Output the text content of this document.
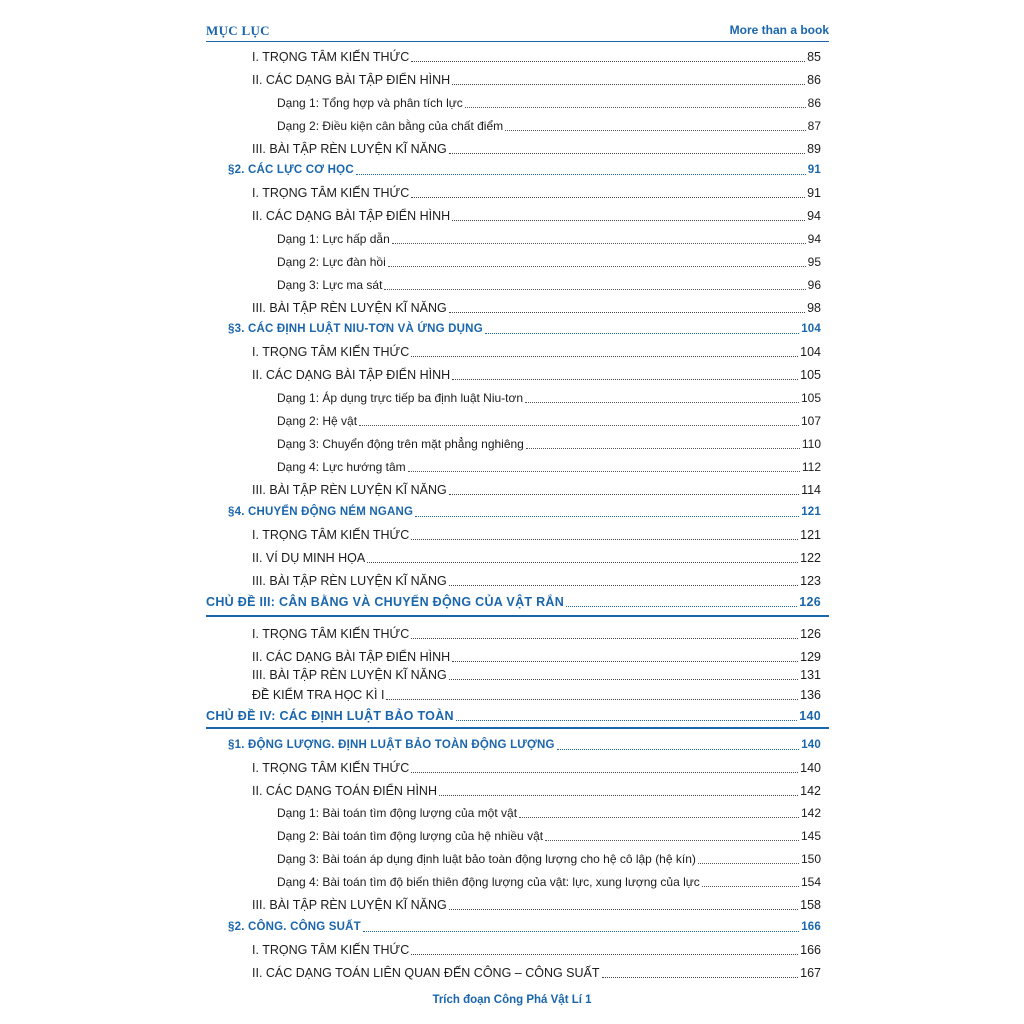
MỤC LỤC	More than a book
I. TRỌNG TÂM KIẾN THỨC	85
II. CÁC DẠNG BÀI TẬP ĐIỂN HÌNH	86
Dạng 1: Tổng hợp và phân tích lực	86
Dạng 2: Điều kiện cân bằng của chất điểm	87
III. BÀI TẬP RÈN LUYỆN KĨ NĂNG	89
§2. CÁC LỰC CƠ HỌC	91
I. TRỌNG TÂM KIẾN THỨC	91
II. CÁC DẠNG BÀI TẬP ĐIỂN HÌNH	94
Dạng 1: Lực hấp dẫn	94
Dạng 2: Lực đàn hồi	95
Dạng 3: Lực ma sát	96
III. BÀI TẬP RÈN LUYỆN KĨ NĂNG	98
§3. CÁC ĐỊNH LUẬT NIU-TƠN VÀ ỨNG DỤNG	104
I. TRỌNG TÂM KIẾN THỨC	104
II. CÁC DẠNG BÀI TẬP ĐIỂN HÌNH	105
Dạng 1: Áp dụng trực tiếp ba định luật Niu-tơn	105
Dạng 2: Hệ vật	107
Dạng 3: Chuyển động trên mặt phẳng nghiêng	110
Dạng 4: Lực hướng tâm	112
III. BÀI TẬP RÈN LUYỆN KĨ NĂNG	114
§4. CHUYỂN ĐỘNG NÉM NGANG	121
I. TRỌNG TÂM KIẾN THỨC	121
II. VÍ DỤ MINH HỌA	122
III. BÀI TẬP RÈN LUYỆN KĨ NĂNG	123
CHỦ ĐỀ III: CÂN BẰNG VÀ CHUYỂN ĐỘNG CỦA VẬT RẮN	126
I. TRỌNG TÂM KIẾN THỨC	126
II. CÁC DẠNG BÀI TẬP ĐIỂN HÌNH	129
III. BÀI TẬP RÈN LUYỆN KĨ NĂNG	131
ĐỀ KIỂM TRA HỌC KÌ I	136
CHỦ ĐỀ IV: CÁC ĐỊNH LUẬT BẢO TOÀN	140
§1. ĐỘNG LƯỢNG. ĐỊNH LUẬT BẢO TOÀN ĐỘNG LƯỢNG	140
I. TRỌNG TÂM KIẾN THỨC	140
II. CÁC DẠNG TOÁN ĐIỂN HÌNH	142
Dạng 1: Bài toán tìm động lượng của một vật	142
Dạng 2: Bài toán tìm động lượng của hệ nhiều vật	145
Dạng 3: Bài toán áp dụng định luật bảo toàn động lượng cho hệ cô lập (hệ kín)	150
Dạng 4: Bài toán tìm độ biến thiên động lượng của vật: lực, xung lượng của lực	154
III. BÀI TẬP RÈN LUYỆN KĨ NĂNG	158
§2. CÔNG. CÔNG SUẤT	166
I. TRỌNG TÂM KIẾN THỨC	166
II. CÁC DẠNG TOÁN LIÊN QUAN ĐẾN CÔNG – CÔNG SUẤT	167
Trích đoạn Công Phá Vật Lí 1
